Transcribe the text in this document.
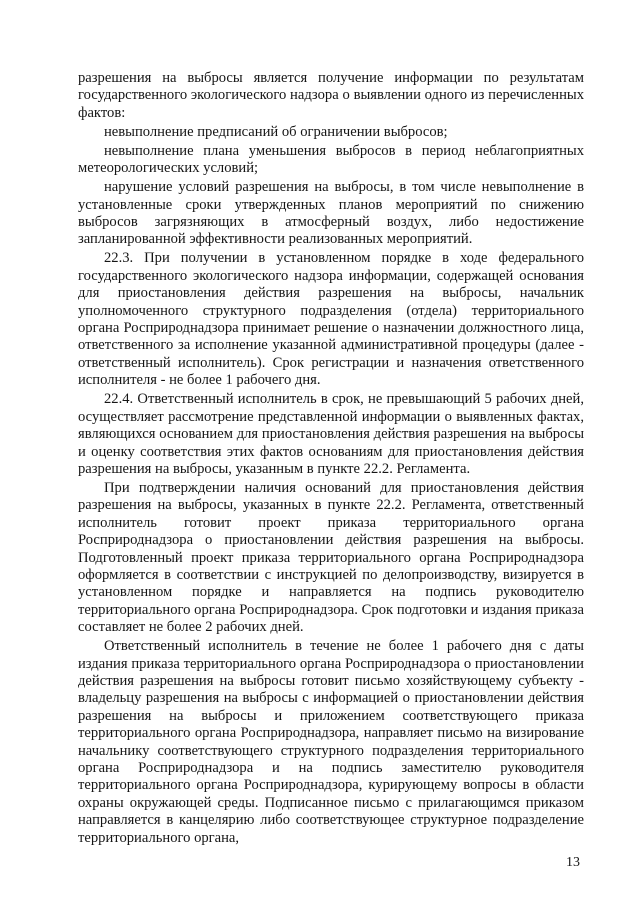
разрешения на выбросы является получение информации по результатам государственного экологического надзора о выявлении одного из перечисленных фактов:

невыполнение предписаний об ограничении выбросов;

невыполнение плана уменьшения выбросов в период неблагоприятных метеорологических условий;

нарушение условий разрешения на выбросы, в том числе невыполнение в установленные сроки утвержденных планов мероприятий по снижению выбросов загрязняющих в атмосферный воздух, либо недостижение запланированной эффективности реализованных мероприятий.

22.3. При получении в установленном порядке в ходе федерального государственного экологического надзора информации, содержащей основания для приостановления действия разрешения на выбросы, начальник уполномоченного структурного подразделения (отдела) территориального органа Росприроднадзора принимает решение о назначении должностного лица, ответственного за исполнение указанной административной процедуры (далее - ответственный исполнитель). Срок регистрации и назначения ответственного исполнителя - не более 1 рабочего дня.

22.4. Ответственный исполнитель в срок, не превышающий 5 рабочих дней, осуществляет рассмотрение представленной информации о выявленных фактах, являющихся основанием для приостановления действия разрешения на выбросы и оценку соответствия этих фактов основаниям для приостановления действия разрешения на выбросы, указанным в пункте 22.2. Регламента.

При подтверждении наличия оснований для приостановления действия разрешения на выбросы, указанных в пункте 22.2. Регламента, ответственный исполнитель готовит проект приказа территориального органа Росприроднадзора о приостановлении действия разрешения на выбросы. Подготовленный проект приказа территориального органа Росприроднадзора оформляется в соответствии с инструкцией по делопроизводству, визируется в установленном порядке и направляется на подпись руководителю территориального органа Росприроднадзора. Срок подготовки и издания приказа составляет не более 2 рабочих дней.

Ответственный исполнитель в течение не более 1 рабочего дня с даты издания приказа территориального органа Росприроднадзора о приостановлении действия разрешения на выбросы готовит письмо хозяйствующему субъекту - владельцу разрешения на выбросы с информацией о приостановлении действия разрешения на выбросы и приложением соответствующего приказа территориального органа Росприроднадзора, направляет письмо на визирование начальнику соответствующего структурного подразделения территориального органа Росприроднадзора и на подпись заместителю руководителя территориального органа Росприроднадзора, курирующему вопросы в области охраны окружающей среды. Подписанное письмо с прилагающимся приказом направляется в канцелярию либо соответствующее структурное подразделение территориального органа,

13
